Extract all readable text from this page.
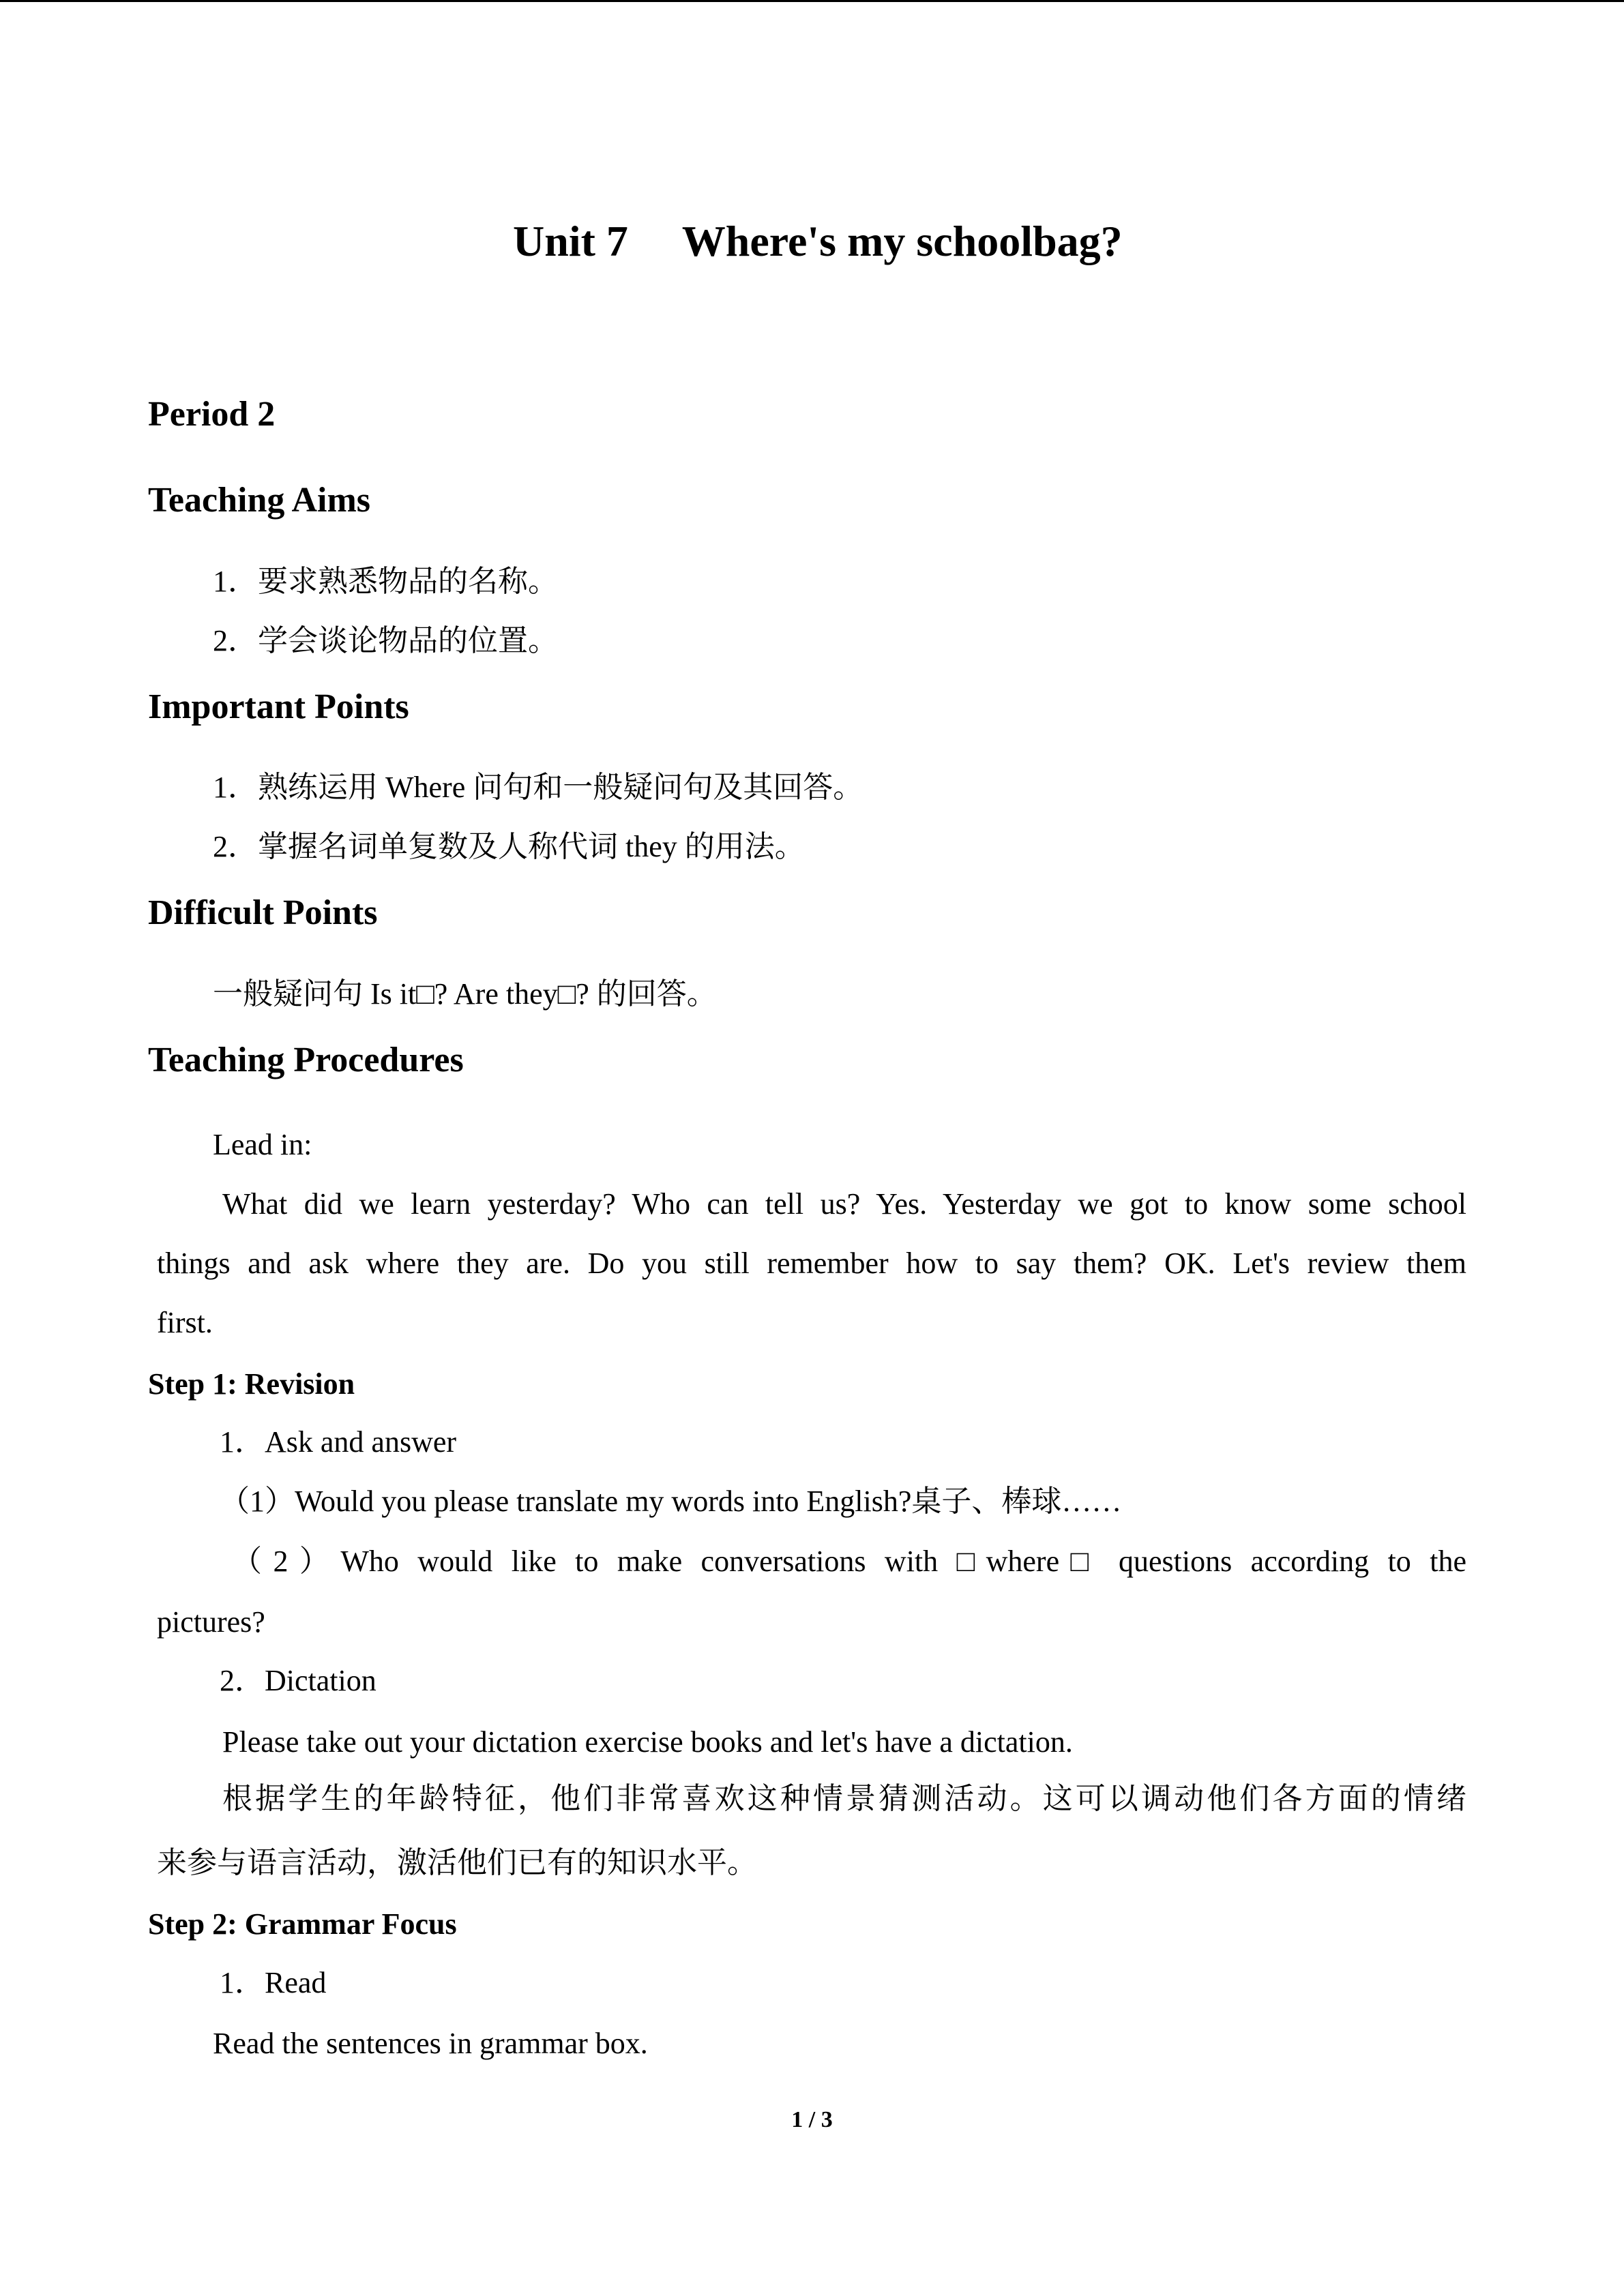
Unit 7　 Where's my schoolbag?
Period 2
Teaching Aims
1．要求熟悉物品的名称。
2．学会谈论物品的位置。
Important Points
1．熟练运用 Where 问句和一般疑问句及其回答。
2．掌握名词单复数及人称代词 they 的用法。
Difficult Points
一般疑问句 Is it□? Are they□? 的回答。
Teaching Procedures
Lead in:
What did we learn yesterday? Who can tell us? Yes. Yesterday we got to know some school
things and ask where they are. Do you still remember how to say them? OK. Let's review them
first.
Step 1: Revision
1．Ask and answer
（1）Would you please translate my words into English?桌子、棒球……
（2）Who would like to make conversations with □where□ questions according to the
pictures?
2．Dictation
Please take out your dictation exercise books and let's have a dictation.
根据学生的年龄特征，他们非常喜欢这种情景猜测活动。这可以调动他们各方面的情绪
来参与语言活动，激活他们已有的知识水平。
Step 2: Grammar Focus
1．Read
Read the sentences in grammar box.
1 / 3
